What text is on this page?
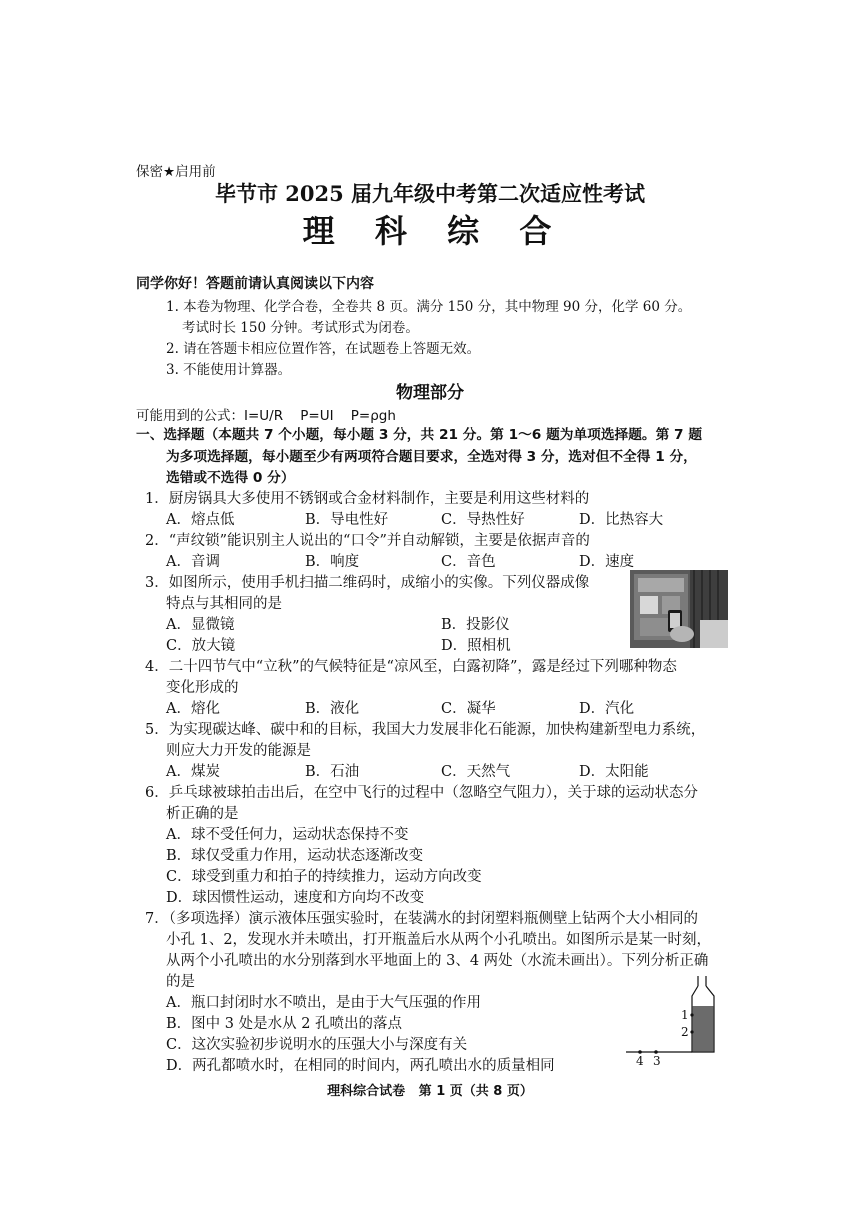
保密★启用前
毕节市 2025 届九年级中考第二次适应性考试
理  科  综  合
同学你好！答题前请认真阅读以下内容
1. 本卷为物理、化学合卷，全卷共 8 页。满分 150 分，其中物理 90 分，化学 60 分。
考试时长 150 分钟。考试形式为闭卷。
2. 请在答题卡相应位置作答，在试题卷上答题无效。
3. 不能使用计算器。
物理部分
可能用到的公式：I=U/R    P=UI    P=ρgh
一、选择题（本题共 7 个小题，每小题 3 分，共 21 分。第 1～6 题为单项选择题。第 7 题
为多项选择题，每小题至少有两项符合题目要求，全选对得 3 分，选对但不全得 1 分，
选错或不选得 0 分）
1．厨房锅具大多使用不锈钢或合金材料制作，主要是利用这些材料的
A．熔点低	B．导电性好	C．导热性好	D．比热容大
2．“声纹锁”能识别主人说出的“口令”并自动解锁，主要是依据声音的
A．音调	B．响度	C．音色	D．速度
3．如图所示，使用手机扫描二维码时，成缩小的实像。下列仪器成像
特点与其相同的是
A．显微镜	B．投影仪
C．放大镜	D．照相机
4．二十四节气中“立秋”的气候特征是“凉风至，白露初降”，露是经过下列哪种物态
变化形成的
A．熔化	B．液化	C．凝华	D．汽化
5．为实现碳达峰、碳中和的目标，我国大力发展非化石能源，加快构建新型电力系统，
则应大力开发的能源是
A．煤炭	B．石油	C．天然气	D．太阳能
6．乒乓球被球拍击出后，在空中飞行的过程中（忽略空气阻力），关于球的运动状态分
析正确的是
A．球不受任何力，运动状态保持不变
B．球仅受重力作用，运动状态逐渐改变
C．球受到重力和拍子的持续推力，运动方向改变
D．球因惯性运动，速度和方向均不改变
7．（多项选择）演示液体压强实验时，在装满水的封闭塑料瓶侧壁上钻两个大小相同的
小孔 1、2，发现水并未喷出，打开瓶盖后水从两个小孔喷出。如图所示是某一时刻，
从两个小孔喷出的水分别落到水平地面上的 3、4 两处（水流未画出）。下列分析正确
的是
A．瓶口封闭时水不喷出，是由于大气压强的作用
B．图中 3 处是水从 2 孔喷出的落点
C．这次实验初步说明水的压强大小与深度有关
D．两孔都喷水时，在相同的时间内，两孔喷出水的质量相同
1
2
4 3
理科综合试卷   第 1 页（共 8 页）
